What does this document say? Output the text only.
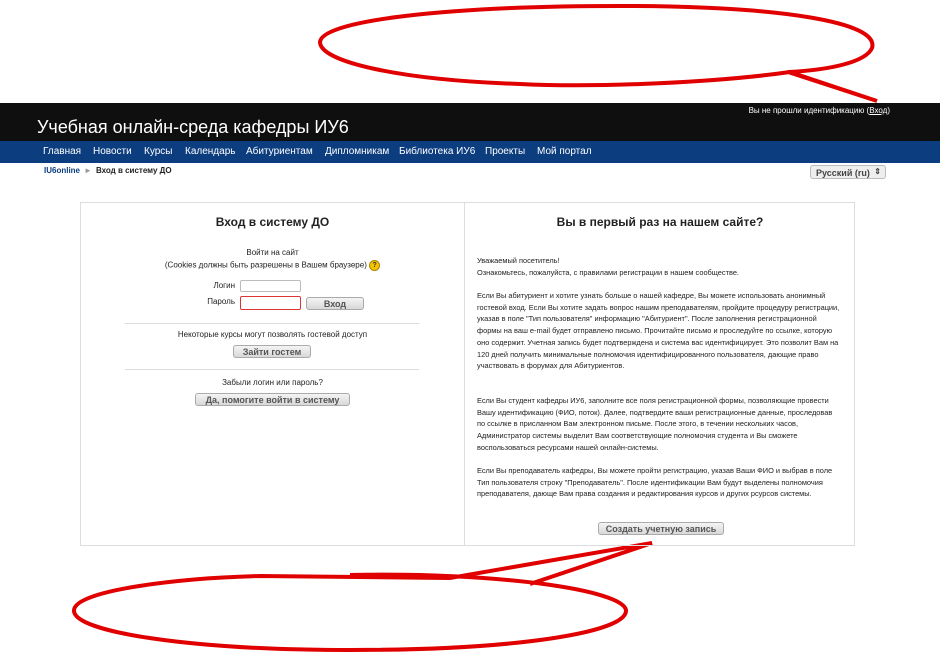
Учебная онлайн-среда кафедры ИУ6
Вы не прошли идентификацию (Вход)
Главная Новости Курсы Календарь Абитуриентам Дипломникам Библиотека ИУ6 Проекты Мой портал
IU6online ► Вход в систему ДО	Русский (ru) ⇕
Вход в систему ДО
Войти на сайт
(Cookies должны быть разрешены в Вашем браузере) ?
Логин
Пароль	Вход
Некоторые курсы могут позволять гостевой доступ
Зайти гостем
Забыли логин или пароль?
Да, помогите войти в систему
Вы в первый раз на нашем сайте?

Уважаемый посетитель!

Ознакомьтесь, пожалуйста, с правилами регистрации в нашем сообществе.

Если Вы абитуриент и хотите узнать больше о нашей кафедре, Вы можете использовать анонимный гостевой вход. Если Вы хотите задать вопрос нашим преподавателям, пройдите процедуру регистрации, указав в поле "Тип пользователя" информацию "Абитуриент". После заполнения регистрационной формы на ваш e-mail будет отправлено письмо. Прочитайте письмо и проследуйте по ссылке, которую оно содержит. Учетная запись будет подтверждена и система вас идентифицирует. Это позволит Вам на 120 дней получить минимальные полномочия идентифицированного пользователя, дающие право участвовать в форумах для Абитуриентов.
Если Вы студент кафедры ИУ6, заполните все поля регистрационной формы, позволяющие провести Вашу идентификацию (ФИО, поток). Далее, подтвердите ваши регистрационные данные, проследовав по ссылке в присланном Вам электронном письме. После этого, в течении нескольких часов, Администратор системы выделит Вам соответствующие полномочия студента и Вы сможете воспользоваться ресурсами нашей онлайн-системы.
Если Вы преподаватель кафедры, Вы можете пройти регистрацию, указав Ваши ФИО и выбрав в поле Тип пользователя строку "Преподаватель". После идентификации Вам будут выделены полномочия преподавателя, дающе Вам права создания и редактирования курсов и других рсурсов системы.
Создать учетную запись
